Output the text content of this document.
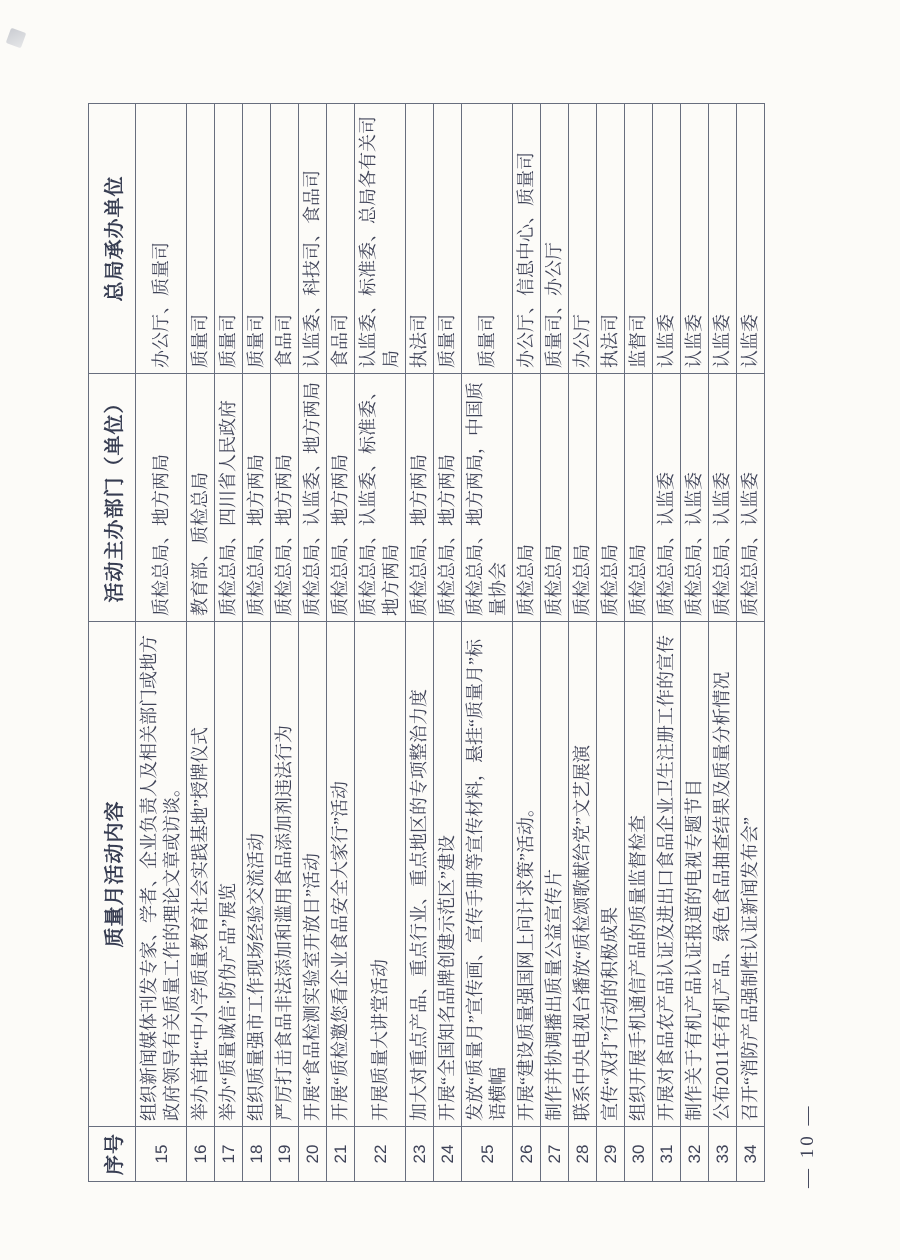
序号	质量月活动内容	活动主办部门（单位）	总局承办单位
15	组织新闻媒体刊发专家、学者、企业负责人及相关部门或地方政府领导有关质量工作的理论文章或访谈。	质检总局、地方两局	办公厅、质量司
16	举办首批“中小学质量教育社会实践基地”授牌仪式	教育部、质检总局	质量司
17	举办“质量诚信·防伪产品”展览	质检总局、四川省人民政府	质量司
18	组织质量强市工作现场经验交流活动	质检总局、地方两局	质量司
19	严厉打击食品非法添加和滥用食品添加剂违法行为	质检总局、地方两局	食品司
20	开展“食品检测实验室开放日”活动	质检总局、认监委、地方两局	认监委、科技司、食品司
21	开展“质检邀您看企业食品安全大家行”活动	质检总局、地方两局	食品司
22	开展质量大讲堂活动	质检总局、认监委、标准委、地方两局	认监委、标准委、总局各有关司局
23	加大对重点产品、重点行业、重点地区的专项整治力度	质检总局、地方两局	执法司
24	开展“全国知名品牌创建示范区”建设	质检总局、地方两局	质量司
25	发放“质量月”宣传画、宣传手册等宣传材料，悬挂“质量月”标语横幅	质检总局、地方两局，中国质量协会	质量司
26	开展“建设质量强国网上问计求策”活动。	质检总局	办公厅、信息中心、质量司
27	制作并协调播出质量公益宣传片	质检总局	质量司、办公厅
28	联系中央电视台播放“质检颂歌献给党”文艺展演	质检总局	办公厅
29	宣传“双打”行动的积极成果	质检总局	执法司
30	组织开展手机通信产品的质量监督检查	质检总局	监督司
31	开展对食品农产品认证及进出口食品企业卫生注册工作的宣传	质检总局、认监委	认监委
32	制作关于有机产品认证报道的电视专题节目	质检总局、认监委	认监委
33	公布2011年有机产品、绿色食品抽查结果及质量分析情况	质检总局、认监委	认监委
34	召开“消防产品强制性认证新闻发布会”	质检总局、认监委	认监委
— 10 —
